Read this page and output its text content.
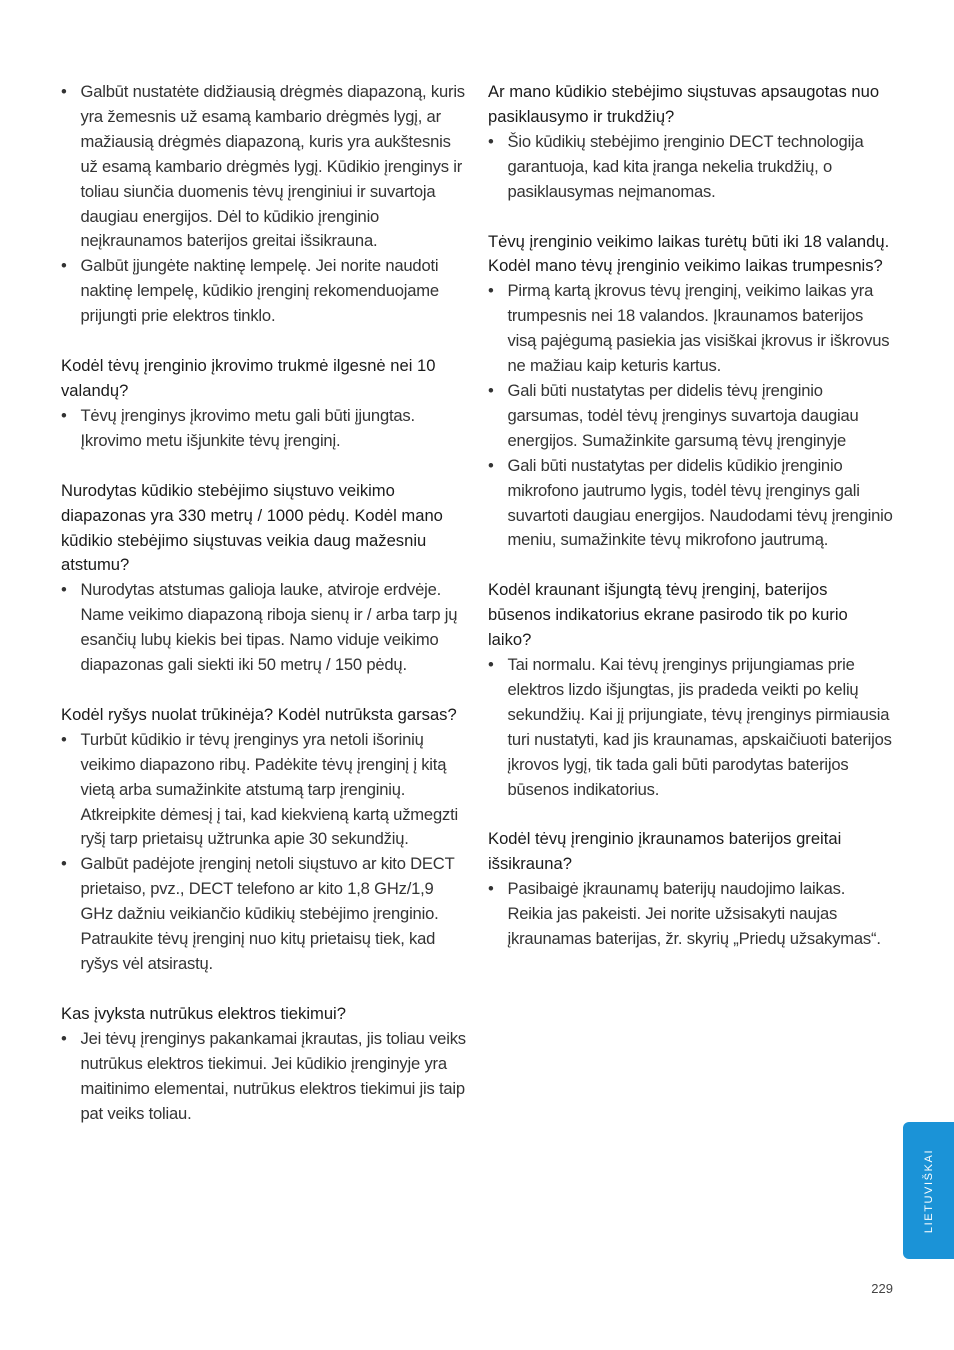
• Galbūt nustatėte didžiausią drėgmės diapazoną, kuris yra žemesnis už esamą kambario drėgmės lygį, ar mažiausią drėgmės diapazoną, kuris yra aukštesnis už esamą kambario drėgmės lygį. Kūdikio įrenginys ir toliau siunčia duomenis tėvų įrenginiui ir suvartoja daugiau energijos. Dėl to kūdikio įrenginio neįkraunamos baterijos greitai išsikrauna.
• Galbūt įjungėte naktinę lempelę. Jei norite naudoti naktinę lempelę, kūdikio įrenginį rekomenduojame prijungti prie elektros tinklo.
Kodėl tėvų įrenginio įkrovimo trukmė ilgesnė nei 10 valandų?
• Tėvų įrenginys įkrovimo metu gali būti įjungtas. Įkrovimo metu išjunkite tėvų įrenginį.
Nurodytas kūdikio stebėjimo siųstuvo veikimo diapazonas yra 330 metrų / 1000 pėdų. Kodėl mano kūdikio stebėjimo siųstuvas veikia daug mažesniu atstumu?
• Nurodytas atstumas galioja lauke, atviroje erdvėje. Name veikimo diapazoną riboja sienų ir / arba tarp jų esančių lubų kiekis bei tipas. Namo viduje veikimo diapazonas gali siekti iki 50 metrų / 150 pėdų.
Kodėl ryšys nuolat trūkinėja? Kodėl nutrūksta garsas?
• Turbūt kūdikio ir tėvų įrenginys yra netoli išorinių veikimo diapazono ribų. Padėkite tėvų įrenginį į kitą vietą arba sumažinkite atstumą tarp įrenginių. Atkreipkite dėmesį į tai, kad kiekvieną kartą užmegzti ryšį tarp prietaisų užtrunka apie 30 sekundžių.
• Galbūt padėjote įrenginį netoli siųstuvo ar kito DECT prietaiso, pvz., DECT telefono ar kito 1,8 GHz/1,9 GHz dažniu veikiančio kūdikių stebėjimo įrenginio. Patraukite tėvų įrenginį nuo kitų prietaisų tiek, kad ryšys vėl atsirastų.
Kas įvyksta nutrūkus elektros tiekimui?
• Jei tėvų įrenginys pakankamai įkrautas, jis toliau veiks nutrūkus elektros tiekimui. Jei kūdikio įrenginyje yra maitinimo elementai, nutrūkus elektros tiekimui jis taip pat veiks toliau.
Ar mano kūdikio stebėjimo siųstuvas apsaugotas nuo pasiklausymo ir trukdžių?
• Šio kūdikių stebėjimo įrenginio DECT technologija garantuoja, kad kita įranga nekelia trukdžių, o pasiklausymas neįmanomas.
Tėvų įrenginio veikimo laikas turėtų būti iki 18 valandų. Kodėl mano tėvų įrenginio veikimo laikas trumpesnis?
• Pirmą kartą įkrovus tėvų įrenginį, veikimo laikas yra trumpesnis nei 18 valandos. Įkraunamos baterijos visą pajėgumą pasiekia jas visiškai įkrovus ir iškrovus ne mažiau kaip keturis kartus.
• Gali būti nustatytas per didelis tėvų įrenginio garsumas, todėl tėvų įrenginys suvartoja daugiau energijos. Sumažinkite garsumą tėvų įrenginyje
• Gali būti nustatytas per didelis kūdikio įrenginio mikrofono jautrumo lygis, todėl tėvų įrenginys gali suvartoti daugiau energijos. Naudodami tėvų įrenginio meniu, sumažinkite tėvų mikrofono jautrumą.
Kodėl kraunant išjungtą tėvų įrenginį, baterijos būsenos indikatorius ekrane pasirodo tik po kurio laiko?
• Tai normalu. Kai tėvų įrenginys prijungiamas prie elektros lizdo išjungtas, jis pradeda veikti po kelių sekundžių. Kai jį prijungiate, tėvų įrenginys pirmiausia turi nustatyti, kad jis kraunamas, apskaičiuoti baterijos įkrovos lygį, tik tada gali būti parodytas baterijos būsenos indikatorius.
Kodėl tėvų įrenginio įkraunamos baterijos greitai išsikrauna?
• Pasibaigė įkraunamų baterijų naudojimo laikas. Reikia jas pakeisti. Jei norite užsisakyti naujas įkraunamas baterijas, žr. skyrių „Priedų užsakymas“.
LIETUVIŠKAI
229
